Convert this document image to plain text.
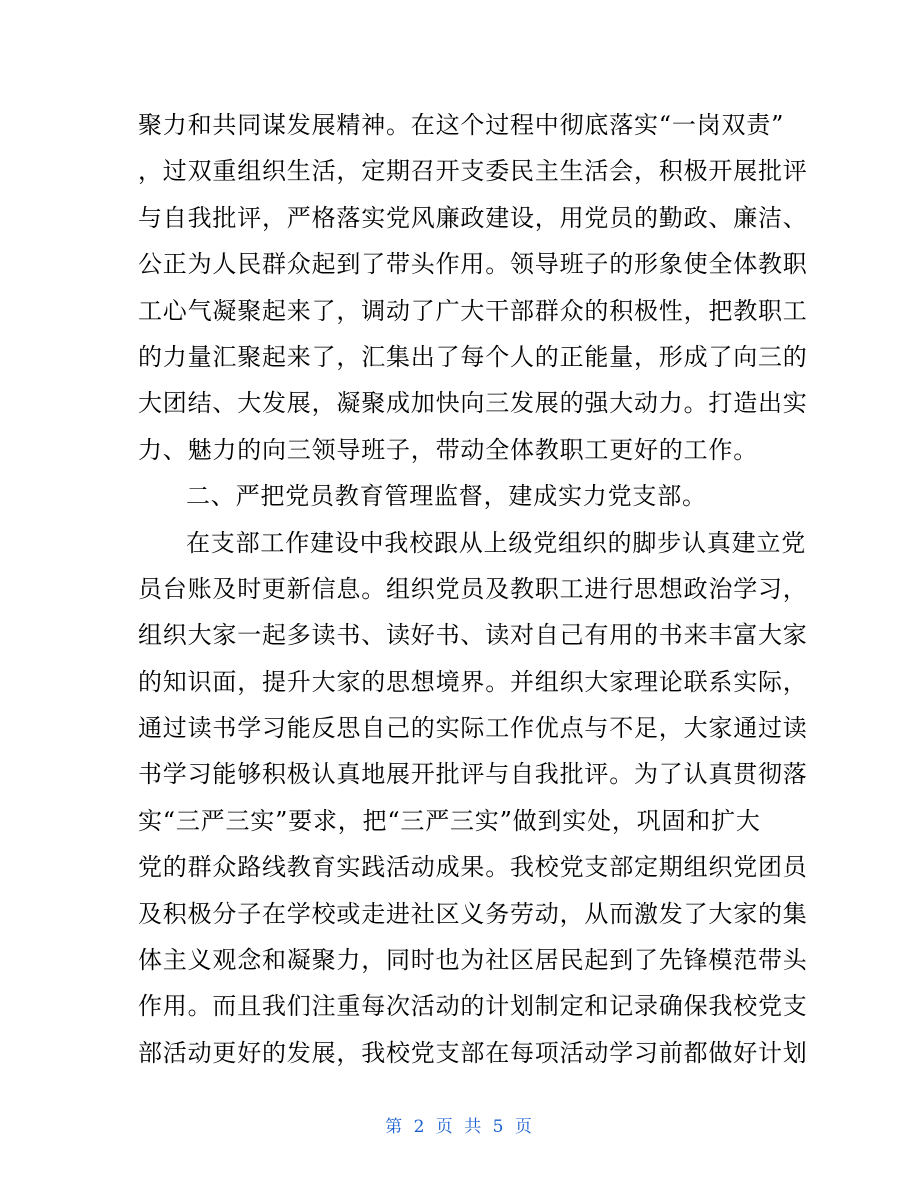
聚力和共同谋发展精神。在这个过程中彻底落实“一岗双责”
，过双重组织生活，定期召开支委民主生活会，积极开展批评
与自我批评，严格落实党风廉政建设，用党员的勤政、廉洁、
公正为人民群众起到了带头作用。领导班子的形象使全体教职
工心气凝聚起来了，调动了广大干部群众的积极性，把教职工
的力量汇聚起来了，汇集出了每个人的正能量，形成了向三的
大团结、大发展，凝聚成加快向三发展的强大动力。打造出实
力、魅力的向三领导班子，带动全体教职工更好的工作。
二、严把党员教育管理监督，建成实力党支部。
在支部工作建设中我校跟从上级党组织的脚步认真建立党
员台账及时更新信息。组织党员及教职工进行思想政治学习，
组织大家一起多读书、读好书、读对自己有用的书来丰富大家
的知识面，提升大家的思想境界。并组织大家理论联系实际，
通过读书学习能反思自己的实际工作优点与不足，大家通过读
书学习能够积极认真地展开批评与自我批评。为了认真贯彻落
实“三严三实”要求，把“三严三实”做到实处，巩固和扩大
党的群众路线教育实践活动成果。我校党支部定期组织党团员
及积极分子在学校或走进社区义务劳动，从而激发了大家的集
体主义观念和凝聚力，同时也为社区居民起到了先锋模范带头
作用。而且我们注重每次活动的计划制定和记录确保我校党支
部活动更好的发展，我校党支部在每项活动学习前都做好计划
第 2 页 共 5 页
